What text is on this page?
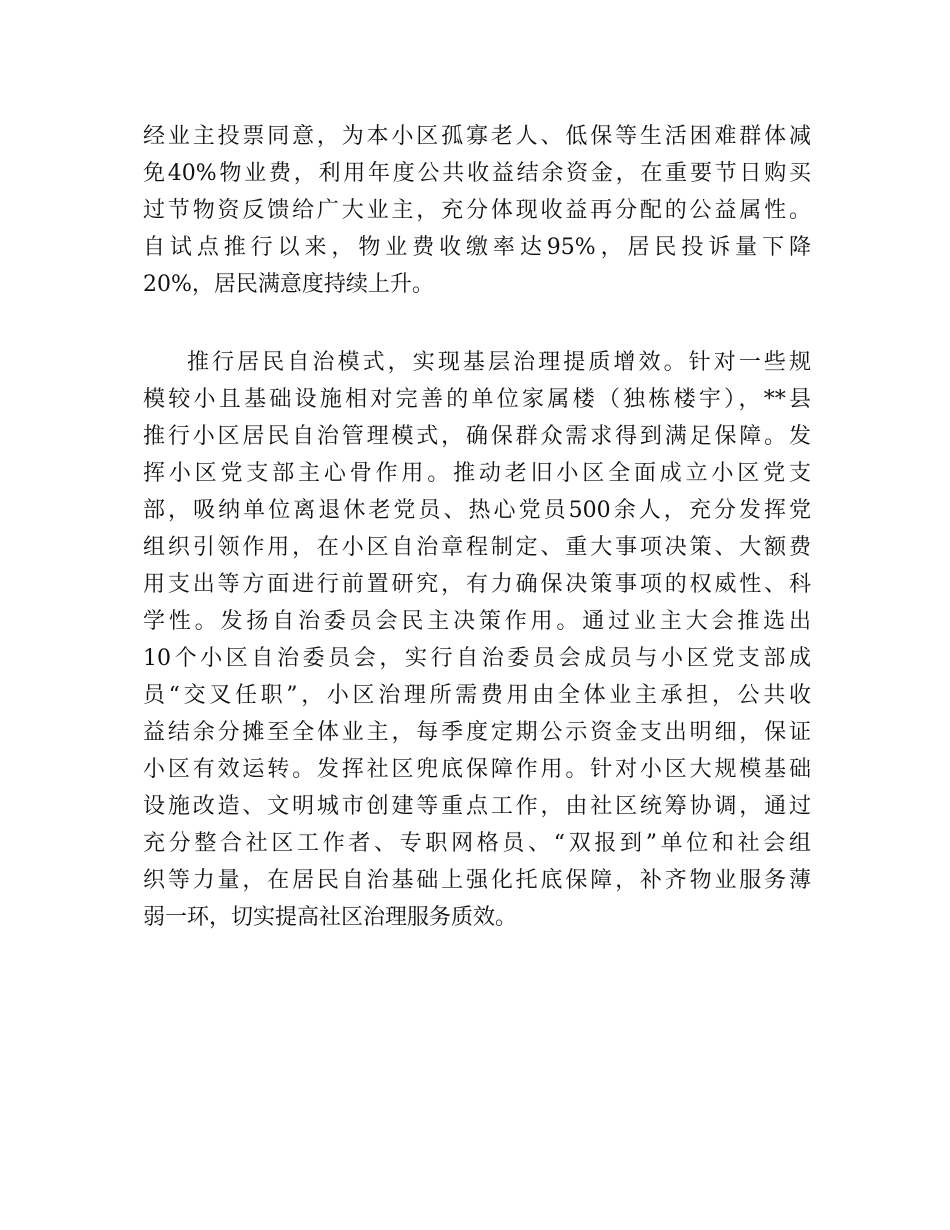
经业主投票同意，为本小区孤寡老人、低保等生活困难群体减
免40%物业费，利用年度公共收益结余资金，在重要节日购买
过节物资反馈给广大业主，充分体现收益再分配的公益属性。
自试点推行以来，物业费收缴率达95%，居民投诉量下降
20%，居民满意度持续上升。
推行居民自治模式，实现基层治理提质增效。针对一些规
模较小且基础设施相对完善的单位家属楼（独栋楼宇），**县
推行小区居民自治管理模式，确保群众需求得到满足保障。发
挥小区党支部主心骨作用。推动老旧小区全面成立小区党支
部，吸纳单位离退休老党员、热心党员500余人，充分发挥党
组织引领作用，在小区自治章程制定、重大事项决策、大额费
用支出等方面进行前置研究，有力确保决策事项的权威性、科
学性。发扬自治委员会民主决策作用。通过业主大会推选出
10个小区自治委员会，实行自治委员会成员与小区党支部成
员“交叉任职”，小区治理所需费用由全体业主承担，公共收
益结余分摊至全体业主，每季度定期公示资金支出明细，保证
小区有效运转。发挥社区兜底保障作用。针对小区大规模基础
设施改造、文明城市创建等重点工作，由社区统筹协调，通过
充分整合社区工作者、专职网格员、“双报到”单位和社会组
织等力量，在居民自治基础上强化托底保障，补齐物业服务薄
弱一环，切实提高社区治理服务质效。
